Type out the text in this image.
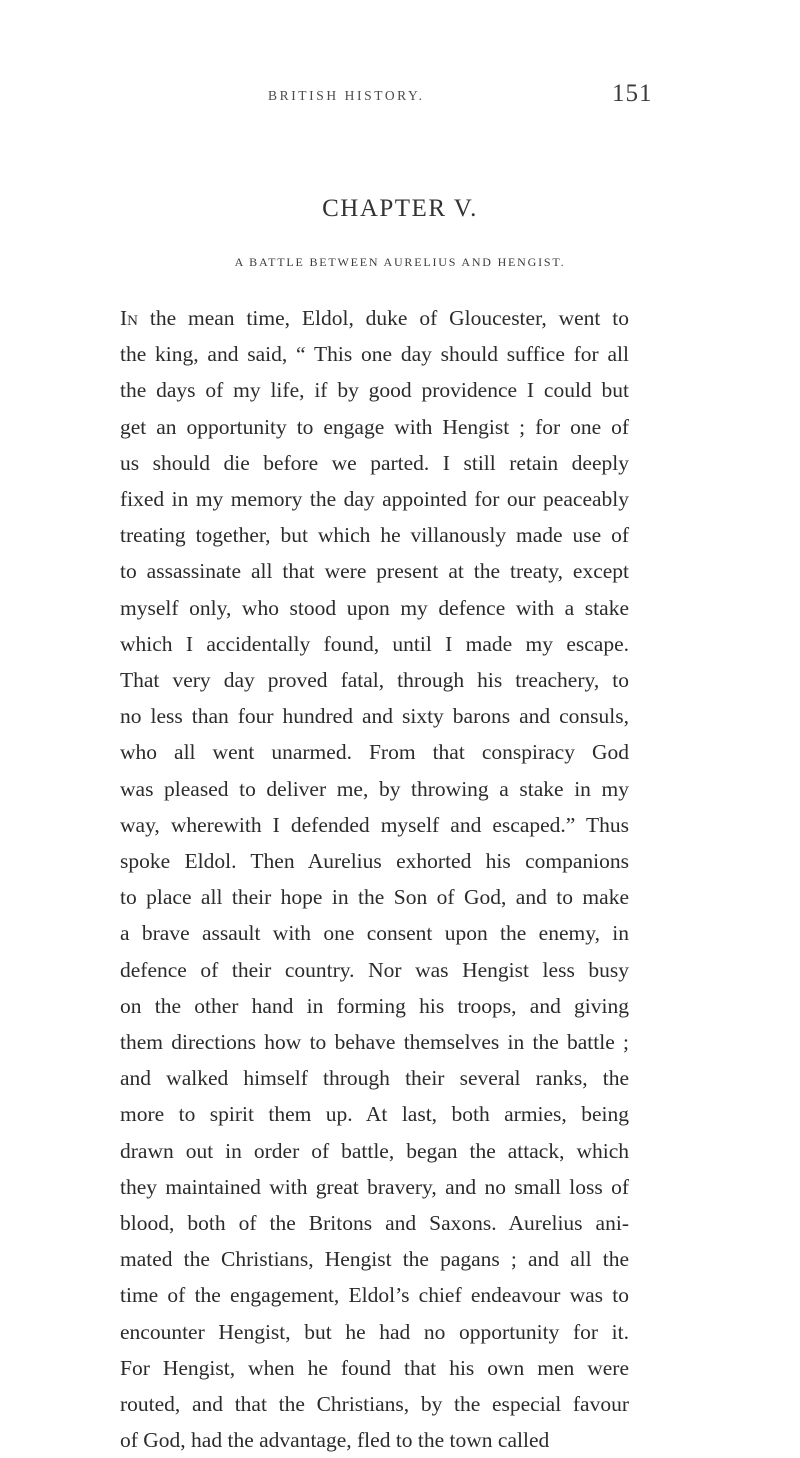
BRITISH HISTORY.	151
CHAPTER V.
A BATTLE BETWEEN AURELIUS AND HENGIST.
In the mean time, Eldol, duke of Gloucester, went to
the king, and said, “ This one day should suffice for all
the days of my life, if by good providence I could but
get an opportunity to engage with Hengist ; for one of
us should die before we parted. I still retain deeply
fixed in my memory the day appointed for our peaceably
treating together, but which he villanously made use of
to assassinate all that were present at the treaty, except
myself only, who stood upon my defence with a stake
which I accidentally found, until I made my escape.
That very day proved fatal, through his treachery, to
no less than four hundred and sixty barons and consuls,
who all went unarmed. From that conspiracy God
was pleased to deliver me, by throwing a stake in my
way, wherewith I defended myself and escaped.” Thus
spoke Eldol. Then Aurelius exhorted his companions
to place all their hope in the Son of God, and to make
a brave assault with one consent upon the enemy, in
defence of their country. Nor was Hengist less busy
on the other hand in forming his troops, and giving
them directions how to behave themselves in the battle ;
and walked himself through their several ranks, the
more to spirit them up. At last, both armies, being
drawn out in order of battle, began the attack, which
they maintained with great bravery, and no small loss of
blood, both of the Britons and Saxons. Aurelius ani-
mated the Christians, Hengist the pagans ; and all the
time of the engagement, Eldol’s chief endeavour was to
encounter Hengist, but he had no opportunity for it.
For Hengist, when he found that his own men were
routed, and that the Christians, by the especial favour
of God, had the advantage, fled to the town called
